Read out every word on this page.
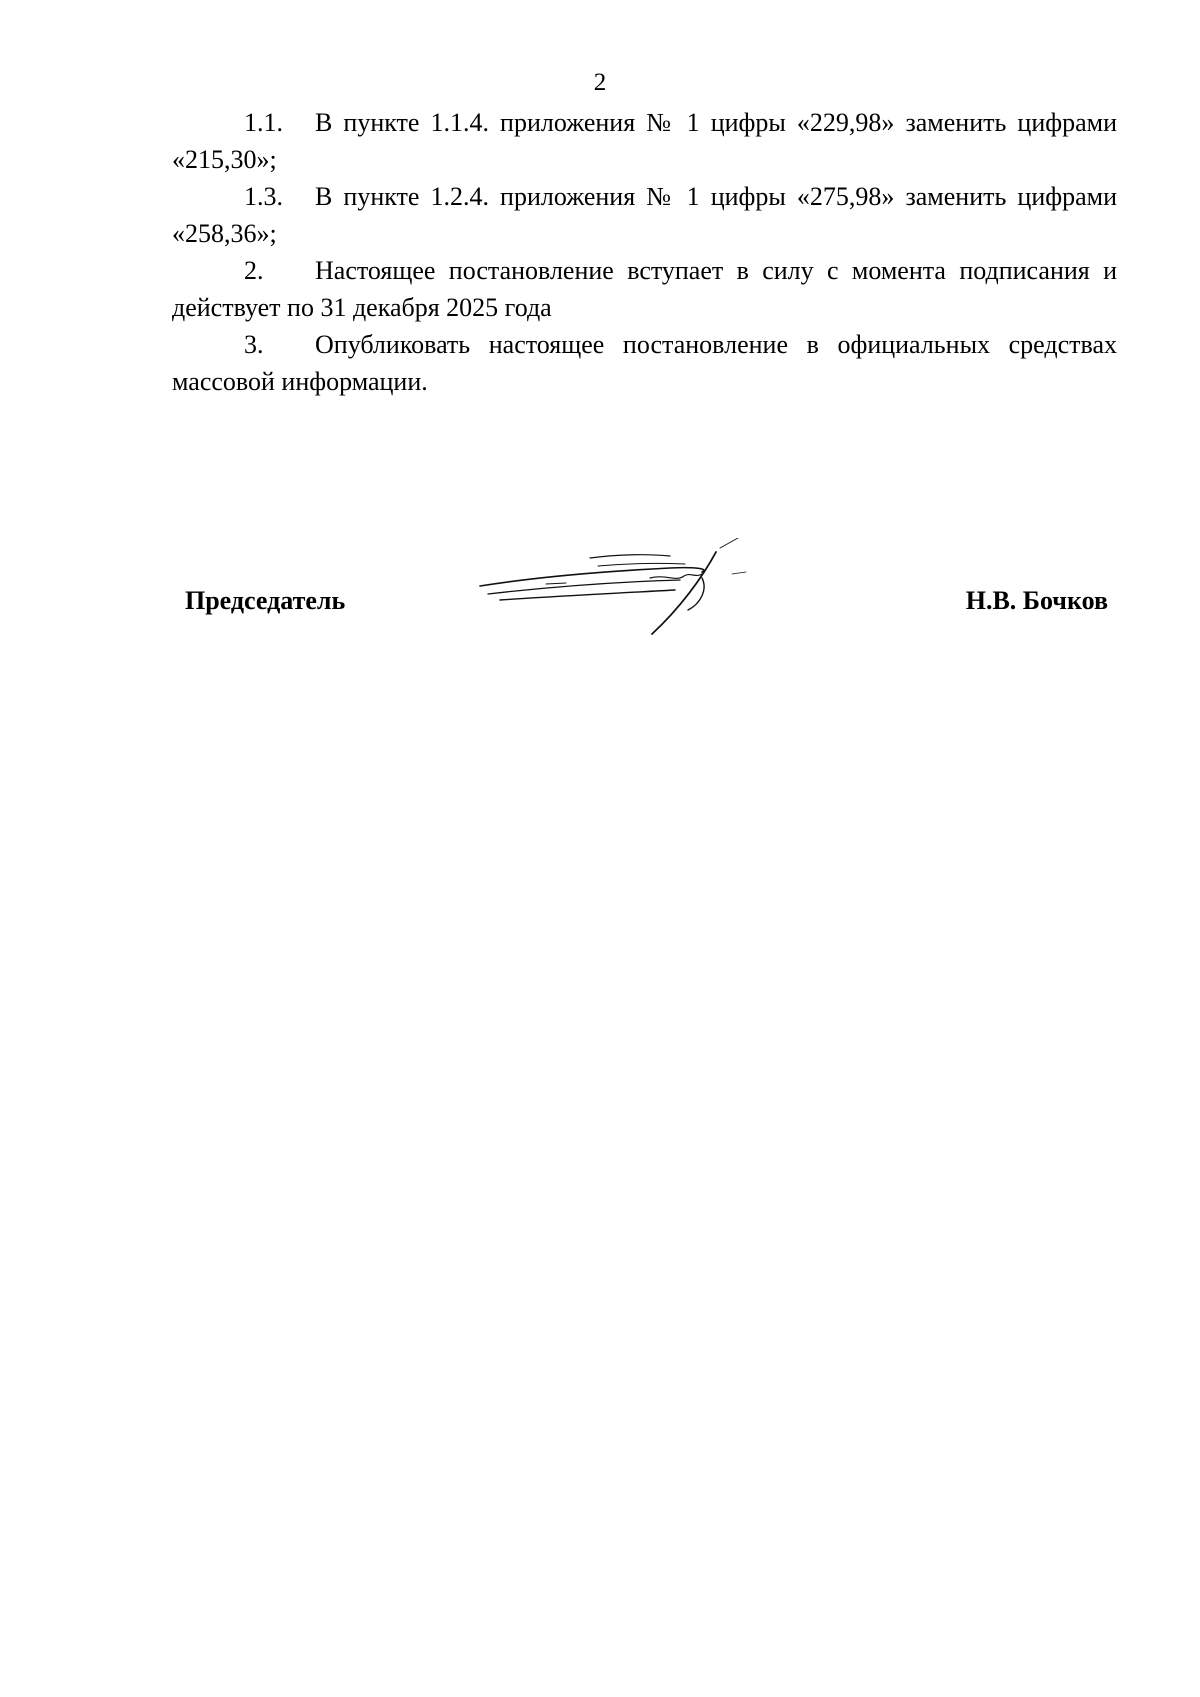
2

1.1. В пункте 1.1.4. приложения № 1 цифры «229,98» заменить цифрами «215,30»;

1.3. В пункте 1.2.4. приложения № 1 цифры «275,98» заменить цифрами «258,36»;

2. Настоящее постановление вступает в силу с момента подписания и действует по 31 декабря 2025 года

3. Опубликовать настоящее постановление в официальных средствах массовой информации.

Председатель	Н.В. Бочков
